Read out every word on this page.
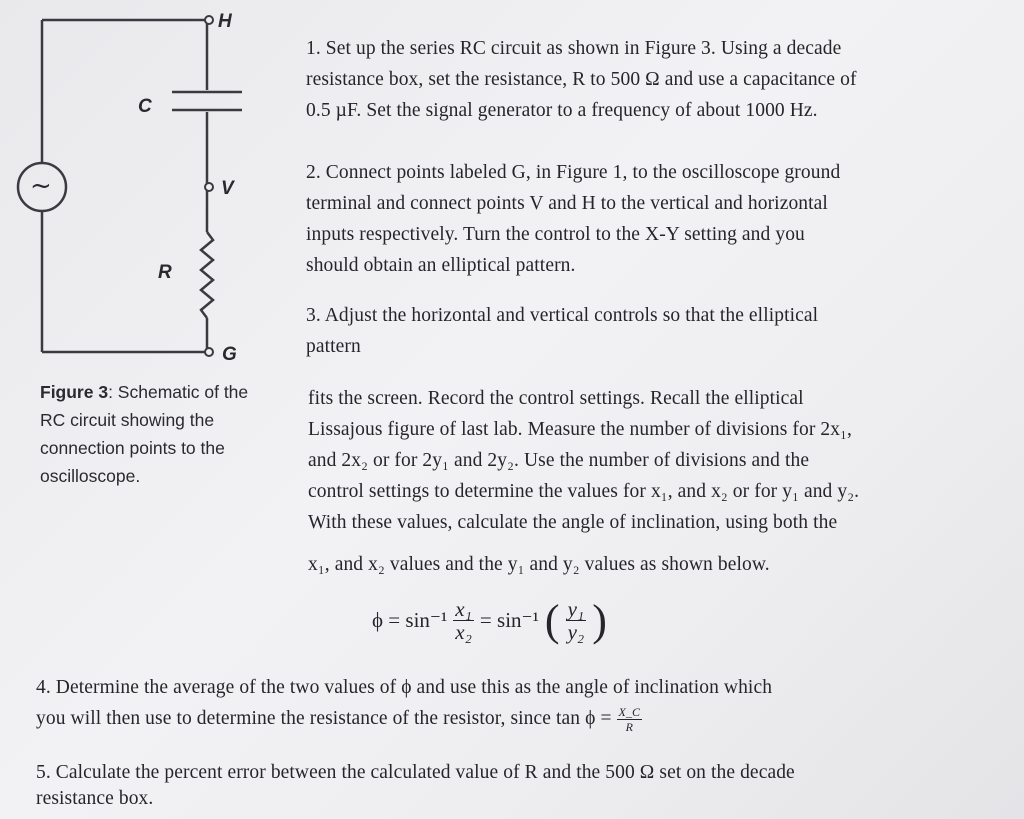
~
H
C
V
R
G
Figure 3: Schematic of the RC circuit showing the connection points to the oscilloscope.
1. Set up the series RC circuit as shown in Figure 3. Using a decade
resistance box, set the resistance, R to 500 Ω and use a capacitance of
0.5 µF. Set the signal generator to a frequency of about 1000 Hz.
2. Connect points labeled G, in Figure 1, to the oscilloscope ground
terminal and connect points V and H to the vertical and horizontal
inputs respectively. Turn the control to the X-Y setting and you
should obtain an elliptical pattern.
3. Adjust the horizontal and vertical controls so that the elliptical
pattern
fits the screen. Record the control settings. Recall the elliptical
Lissajous figure of last lab. Measure the number of divisions for 2x₁,
and 2x₂ or for 2y₁ and 2y₂. Use the number of divisions and the
control settings to determine the values for x₁, and x₂ or for y₁ and y₂.
With these values, calculate the angle of inclination, using both the
x₁, and x₂ values and the y₁ and y₂ values as shown below.
$\phi = \sin^{-1} \frac{\text{x₁}}{\text{x₂}} = \sin^{-1}$ ( $\frac{\text{y₁}}{\text{y₂}}$ )
4. Determine the average of the two values of ϕ and use this as the angle of inclination which
you will then use to determine the resistance of the resistor, since $\tan \phi = \frac{X\_C}{R}$
5. Calculate the percent error between the calculated value of R and the 500 Ω set on the decade
resistance box.
